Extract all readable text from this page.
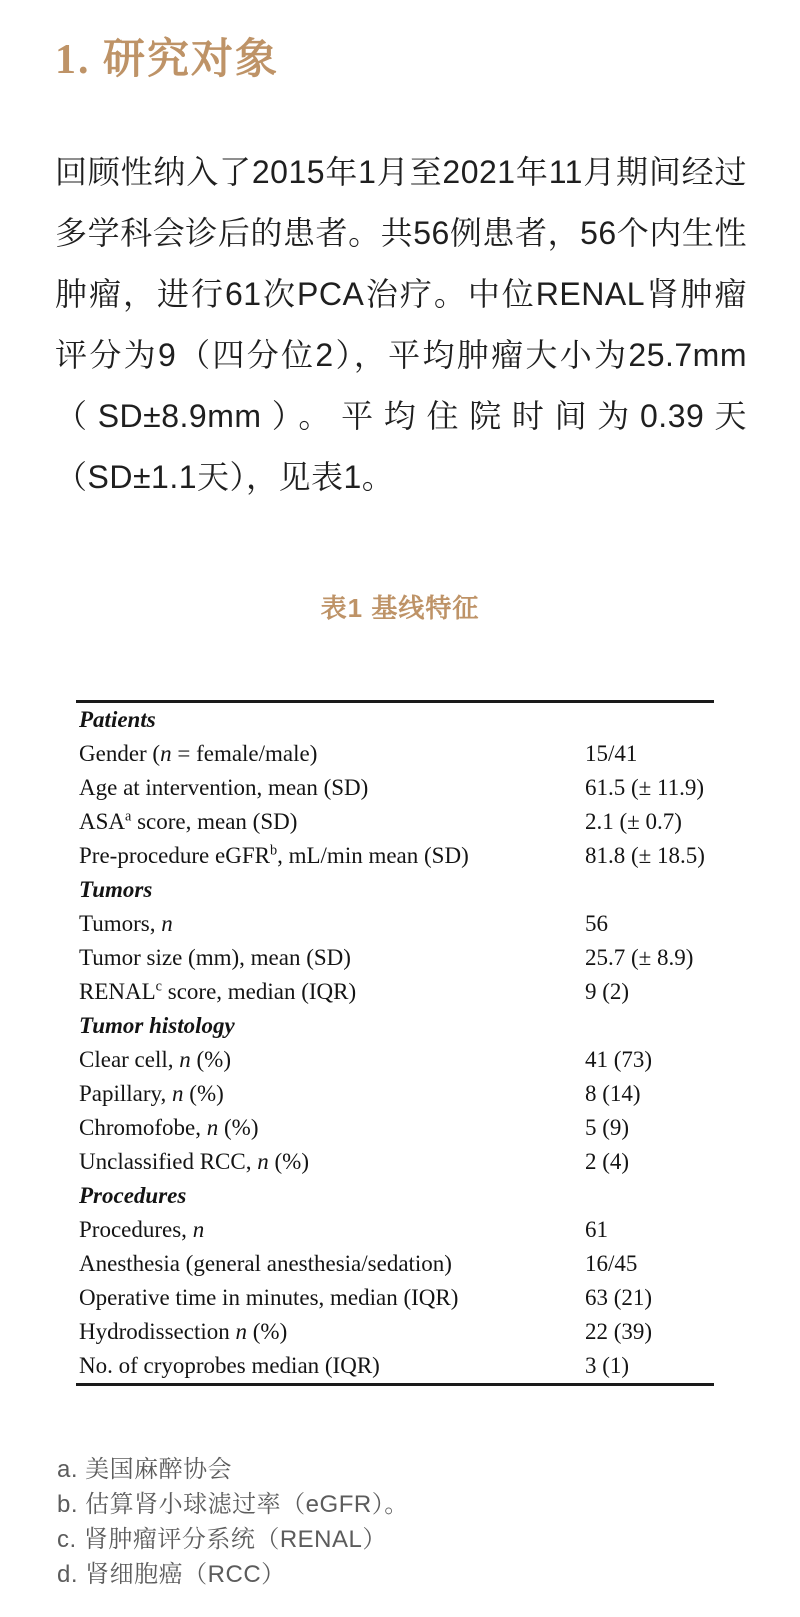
1. 研究对象
回顾性纳入了2015年1月至2021年11月期间经过多学科会诊后的患者。共56例患者，56个内生性肿瘤，进行61次PCA治疗。中位RENAL肾肿瘤评分为9（四分位2），平均肿瘤大小为25.7mm（SD±8.9mm）。平均住院时间为0.39天（SD±1.1天），见表1。
表1 基线特征
Patients
Gender (n = female/male)	15/41
Age at intervention, mean (SD)	61.5 (± 11.9)
ASA$^a$ score, mean (SD)	2.1 (± 0.7)
Pre-procedure eGFR$^b$, mL/min mean (SD)	81.8 (± 18.5)
Tumors
Tumors, n	56
Tumor size (mm), mean (SD)	25.7 (± 8.9)
RENAL$^c$ score, median (IQR)	9 (2)
Tumor histology
Clear cell, n (%)	41 (73)
Papillary, n (%)	8 (14)
Chromofobe, n (%)	5 (9)
Unclassified RCC, n (%)	2 (4)
Procedures
Procedures, n	61
Anesthesia (general anesthesia/sedation)	16/45
Operative time in minutes, median (IQR)	63 (21)
Hydrodissection n (%)	22 (39)
No. of cryoprobes median (IQR)	3 (1)
a. 美国麻醉协会
b. 估算肾小球滤过率（eGFR）。
c. 肾肿瘤评分系统（RENAL）
d. 肾细胞癌（RCC）
